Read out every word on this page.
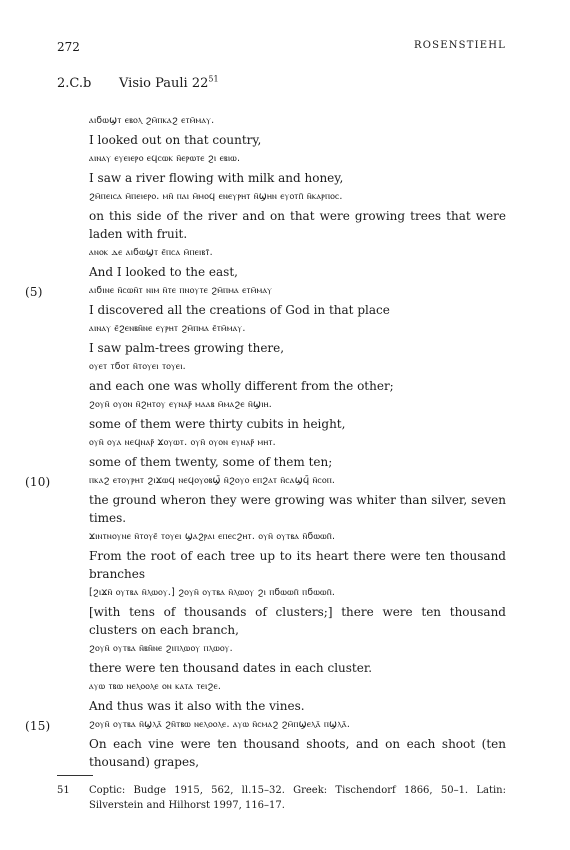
272	ROSENSTIEHL
2.C.b Visio Pauli $22^{51}$
ⲁⲓϭⲱϣⲧ ⲉⲃⲟⲗ ϩⲙ̄ⲡⲕⲁϩ ⲉⲧⲙ̄ⲙⲁⲩ.
I looked out on that country,
ⲁⲓⲛⲁⲩ ⲉⲩⲉⲓⲉⲣⲟ ⲉϥⲥⲱⲕ ⲛ̄ⲉⲣⲱⲧⲉ ϩⲓ ⲉⲃⲓⲱ.
I saw a river flowing with milk and honey,
ϩⲙ̄ⲡⲉⲓⲥⲁ ⲙ̄ⲡⲉⲓⲉⲣⲟ. ⲙⲛ̄ ⲡⲁⲓ ⲙ̄ⲙⲟϥ ⲉⲛⲉⲩⲣⲏⲧ ⲛ̄ϣⲏⲛ ⲉⲩⲟⲧⲡ̄ ⲛ̄ⲕⲁⲣⲡⲟⲥ.
on this side of the river and on that were growing trees that were laden with fruit.
ⲁⲛⲟⲕ ⲇⲉ ⲁⲓϭⲱϣⲧ ⲉ̄ⲡⲥⲁ ⲙ̄ⲡⲉⲓⲃⲧ̄.
And I looked to the east,
(5)	ⲁⲓϭⲓⲛⲉ ⲛ̄ⲥⲱⲛ̄ⲧ ⲛⲓⲙ ⲛ̄ⲧⲉ ⲡⲛⲟⲩⲧⲉ ϩⲙ̄ⲡⲙⲁ ⲉⲧⲙ̄ⲙⲁⲩ
I discovered all the creations of God in that place
ⲁⲓⲛⲁⲩ ⲉ̄ϩⲉⲛⲃⲛ̄ⲛⲉ ⲉⲩⲣⲏⲧ ϩⲙ̄ⲡⲙⲁ ⲉ̄ⲧⲙ̄ⲙⲁⲩ.
I saw palm-trees growing there,
ⲟⲩⲉⲧ ⲧϭⲟⲧ ⲛ̄ⲧⲟⲩⲉⲓ ⲧⲟⲩⲉⲓ.
and each one was wholly different from the other;
ϩⲟⲩⲛ̄ ⲟⲩⲟⲛ ⲛ̄ϩⲏⲧⲟⲩ ⲉⲩⲛⲁⲣ̄ ⲙⲁⲁⲃ ⲙ̄ⲙⲁϩⲉ ⲛ̄ϣⲓⲏ.
some of them were thirty cubits in height,
ⲟⲩⲛ̄ ⲟⲩⲁ ⲛⲉϥⲛⲁⲣ̄ ϫⲟⲩⲱⲧ. ⲟⲩⲛ̄ ⲟⲩⲟⲛ ⲉⲩⲛⲁⲣ̄ ⲙⲏⲧ.
some of them twenty, some of them ten;
(10)	ⲡⲕⲁϩ ⲉⲧⲟⲩⲣⲏⲧ ϩⲓϫⲱϥ ⲛⲉϥⲟⲩⲟⲃϣ̄ ⲛ̄ϩⲟⲩⲟ ⲉⲡϩⲁⲧ ⲛ̄ⲥⲁϣϥ̄ ⲛ̄ⲥⲟⲡ.
the ground wheron they were growing was whiter than silver, seven times.
ϫⲓⲛⲧⲛⲟⲩⲛⲉ ⲛ̄ⲧⲟⲩⲉ̄ ⲧⲟⲩⲉⲓ ϣⲁϩⲣⲁⲓ ⲉⲡⲉⲥϩⲏⲧ. ⲟⲩⲛ̄ ⲟⲩⲧⲃⲁ ⲛ̄ϭⲱⲱⲡ̄.
From the root of each tree up to its heart there were ten thousand branches
[ϩⲓϫⲛ̄ ⲟⲩⲧⲃⲁ ⲛ̄ⲗⲱⲟⲩ.] ϩⲟⲩⲛ̄ ⲟⲩⲧⲃⲁ ⲛ̄ⲗⲱⲟⲩ ϩⲓ ⲡϭⲱⲱⲡ̄ ⲡϭⲱⲱⲡ̄.
[with tens of thousands of clusters;] there were ten thousand clusters on each branch,
ϩⲟⲩⲛ̄ ⲟⲩⲧⲃⲁ ⲛ̄ⲃⲛ̄ⲛⲉ ϩⲓⲡⲗⲱⲟⲩ ⲡⲗⲱⲟⲩ.
there were ten thousand dates in each cluster.
ⲁⲩⲱ ⲧⲃⲱ ⲛⲉⲗⲟⲟⲗⲉ ⲟⲛ ⲕⲁⲧⲁ ⲧⲉⲓϩⲉ.
And thus was it also with the vines.
(15)	ϩⲟⲩⲛ̄ ⲟⲩⲧⲃⲁ ⲛ̄ϣⲗⲁ̄ ϩⲛ̄ⲧⲃⲱ ⲛⲉⲗⲟⲟⲗⲉ. ⲁⲩⲱ ⲛ̄ⲥⲙⲁϩ ϩⲙ̄ⲡϣⲉⲗⲁ̄ ⲡϣⲗⲁ̄.
On each vine were ten thousand shoots, and on each shoot (ten thousand) grapes,
51 Coptic: Budge 1915, 562, ll.15–32. Greek: Tischendorf 1866, 50–1. Latin: Silverstein and Hilhorst 1997, 116–17.
